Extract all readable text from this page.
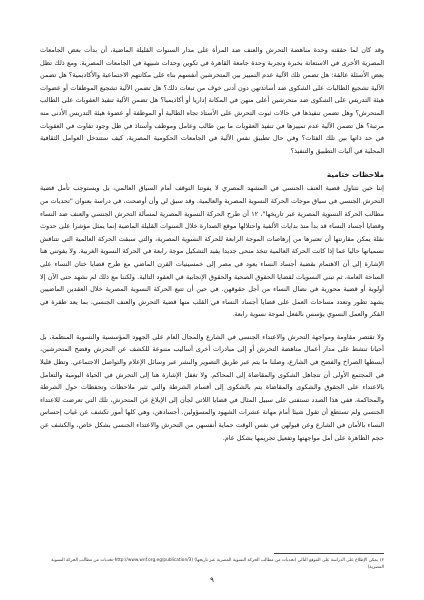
وقد كان لما حققته وحدة مناهضة التحرش والعنف ضد المرأة على مدار السنوات القليلة الماضية، أن بدأت بعض الجامعات المصرية الأخرى في الاستعانة بخبرة وتجربة وحدة جامعة القاهرة في تكوين وحدات شبيهة في الجامعات المصرية. ومع ذلك تظل بعض الأسئلة عالقة: هل تضمن تلك الآلية عدم التمييز بين المتحرشين أنفسهم بناء على مكانتهم الاجتماعية والأكاديمية؟ هل تضمن الآلية تشجيع الطالبات على الشكوى ضد أساتذتهن دون أدنى خوف من تبعات ذلك؟ هل تضمن الآلية تشجيع الموظفات أو عضوات هيئة التدريس على الشكوى ضد متحرشين أعلى منهن في المكانة إداريا أو أكاديميا؟ هل تضمن الآلية تنفيذ العقوبات على الطالب المتحرش؟ وهل تضمن تنفيذها في حالات ثبوت التحرش على الأستاذ تجاه الطالبة أو الموظفة أو عضوة هيئة التدريس الأدنى منه مرتبة؟ هل تضمن الآلية عدم تمييزها في تنفيذ العقوبات ما بين طالب وعامل وموظف وأستاذ في ظل وجود تفاوت في العقوبات في حد ذاتها بين تلك الفئات؟ وفي حال تطبيق نفس الآلية في الجامعات الحكومية المصرية، كيف ستتدخل العوامل الثقافية المحلية في آليات التطبيق والتنفيذ؟

ملاحظات ختامية

إننا حين نتناول قضية العنف الجنسي في المشهد المصري لا يفوتنا التوقف أمام السياق العالمي، بل ويستوجب تأمل قضية التحرش الجنسي في سياق موجات الحركة النسوية المصرية والعالمية. وقد سبق لي وأن أوضحت، في دراسة بعنوان "تحديات من مطالب الحركة النسوية المصرية عبر تاريخها"، ١٢ أن طرح الحركة النسوية المصرية لمسألة التحرش الجنسي والعنف ضد النساء وقضايا أجساد النساء قد بدأ منذ بدايات الألفية واحتلالها موقع الصدارة خلال السنوات القليلة الماضية إنما يمثل مؤشرا على حدوث نقلة يمكن مقارنتها أن تعتبرها من إرهاصات الموجة الرابعة للحركة النسوية المصرية، والتي سبقت الحركة العالمية التي تتناقش تسمياتها حاليا عما إذا كانت الحركة العالمية تتخذ منحى جديدا يفيد التشكيل موجة رابعة في الحركة النسوية الغربية. ولا يفوتني هنا الإشارة إلى أن الاهتمام بقضية أجساد النساء يعود في مصر إلى خمسينيات القرن الماضي مع طرح قضايا ختان النساء على الساحة العامة، ثم تبني النسويات لقضايا الحقوق الصحية والحقوق الإنجابية في العقود التالية. ولكننا مع ذلك لم نشهد حتى الآن إلا أولوية أو قضية محورية في نضال النساء من أجل حقوقهن. في حين أن تتبع الحركة النسوية المصرية خلال العقدين الماضيين يشهد تطور وتعدد مساحات العمل على قضايا أجساد النساء في القلب منها قضية التحرش والعنف الجنسي، بما يعد طفرة في الفكر والعمل النسوي يؤسس بالفعل لموجة نسوية رابعة.

ولا تقتصر مقاومة ومواجهة التحرش والاعتداء الجنسي في الشارع والمجال العام على الجهود المؤسسية والنسوية المنظمة، بل أحيانا تنشط على مدار أعمال مناهضة التحرش أو إلى مبادرات أخرى أساليب متنوعة للكشف عن التحرش وفضح المتحرشين، أبسطها الصراخ والفضح في الشارع، وصلنا ما يتم عبر طريق التصوير والنشر عبر وسائل الإعلام والتواصل الاجتماعي. وتظل قليلا في المجتمع الأولى أن تتجاهل الشكوى والمقاضاة إلى المحاكم. ولا تغفل الإشارة هنا إلى التحرش في الحياة اليومية والتعامل بالاعتداء على الحقوق والشكوى والمقاضاة يتم بالشكوى إلى أقسام الشرطة والتي تثير ملاحظات وتحفظات حول الشرطة والمحاكمة، ففي هذا الصدد تستفتى على سبيل المثال في قضايا اللاتي لجأن إلى الإبلاغ عن المتحرش، تلك التي تعرضت للاعتداء الجنسي ولم تستطع أن تقول شيئا أمام مهانة عشرات الشهود والمسؤولين. أجسادهن، وهي كلها أمور تكشف عن غياب إحساس النساء بالأمان في الشارع وعن قبولهن في نفس الوقت حماية أنفسهن من التحرش والاعتداء الجنسي بشكل خاص، والكشف عن حجم الظاهرة على أمل مواجهتها وتفعيل تجريمها بشكل عام.

١٢ يمكن الإطلاع على الدراسة على الموقع التالي (تحديات من مطالب الحركة النسوية المصرية عبر تاريخها) (http://www.wnf.org.eg/publication/3-تحديات من مطالب الحركة النسوية المصرية)
٩
